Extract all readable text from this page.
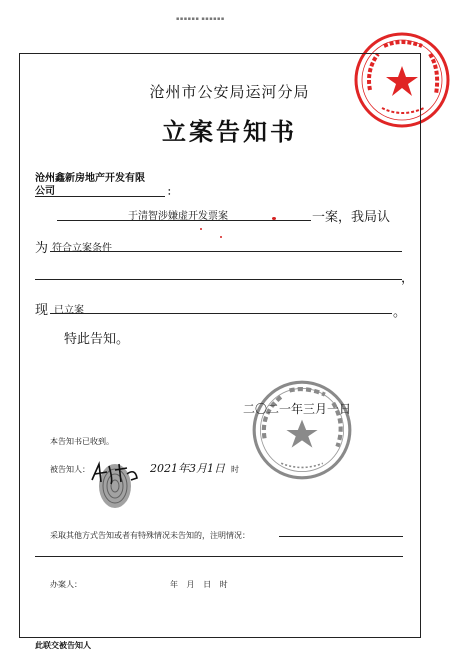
▪▪▪▪▪▪ ▪▪▪▪▪▪
沧州市公安局运河分局
立案告知书
沧州鑫新房地产开发有限
公司	：
于清智涉嫌虚开发票案	一案，我局认
为 符合立案条件
，
现 已立案	。
特此告知。
二〇二一年三月一日
本告知书已收到。
被告知人：	2021年3月1日 时
采取其他方式告知或者有特殊情况未告知的，注明情况：
办案人：	年 月 日 时
此联交被告知人
